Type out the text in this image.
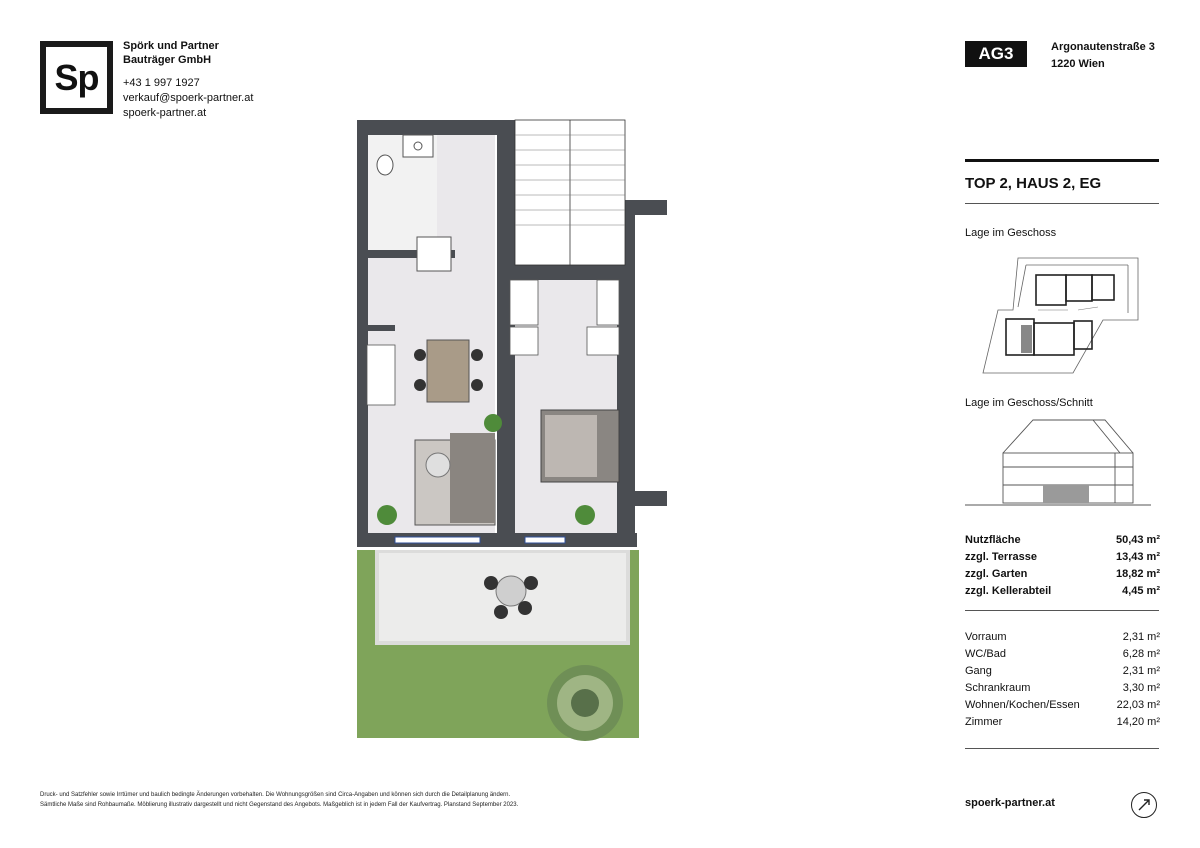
Sp
Spörk und Partner
Bauträger GmbH
+43 1 997 1927
verkauf@spoerk-partner.at
spoerk-partner.at
AG3	Argonautenstraße 3
1220 Wien
TOP 2, HAUS 2, EG
Lage im Geschoss
Lage im Geschoss/Schnitt
Nutzfläche	50,43 m²
zzgl. Terrasse	13,43 m²
zzgl. Garten	18,82 m²
zzgl. Kellerabteil	4,45 m²
Vorraum	2,31 m²
WC/Bad	6,28 m²
Gang	2,31 m²
Schrankraum	3,30 m²
Wohnen/Kochen/Essen	22,03 m²
Zimmer	14,20 m²
Druck- und Satzfehler sowie Irrtümer und baulich bedingte Änderungen vorbehalten. Die Wohnungsgrößen sind Circa-Angaben und können sich durch die Detailplanung ändern.
Sämtliche Maße sind Rohbaumaße. Möblierung illustrativ dargestellt und nicht Gegenstand des Angebots. Maßgeblich ist in jedem Fall der Kaufvertrag. Planstand September 2023.	spoerk-partner.at
